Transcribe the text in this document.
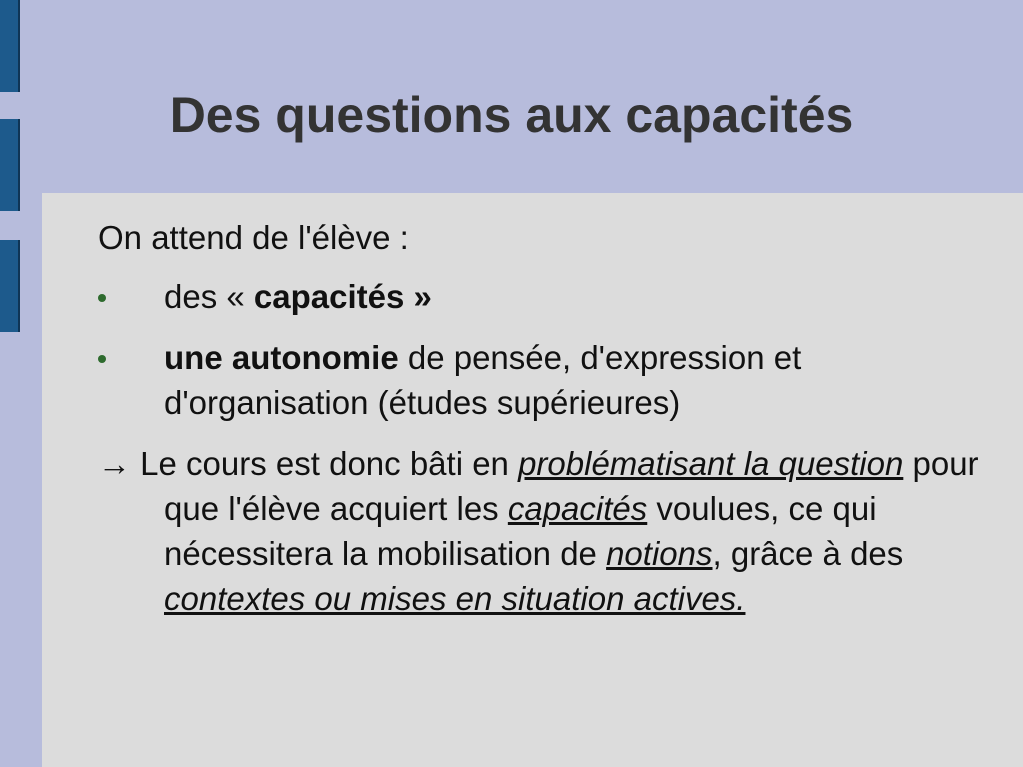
Des questions aux capacités

On attend de l'élève :

des « capacités »
une autonomie de pensée, d'expression et d'organisation (études supérieures)

→ Le cours est donc bâti en problématisant la question pour que l'élève acquiert les capacités voulues, ce qui nécessitera la mobilisation de notions, grâce à des contextes ou mises en situation actives.
